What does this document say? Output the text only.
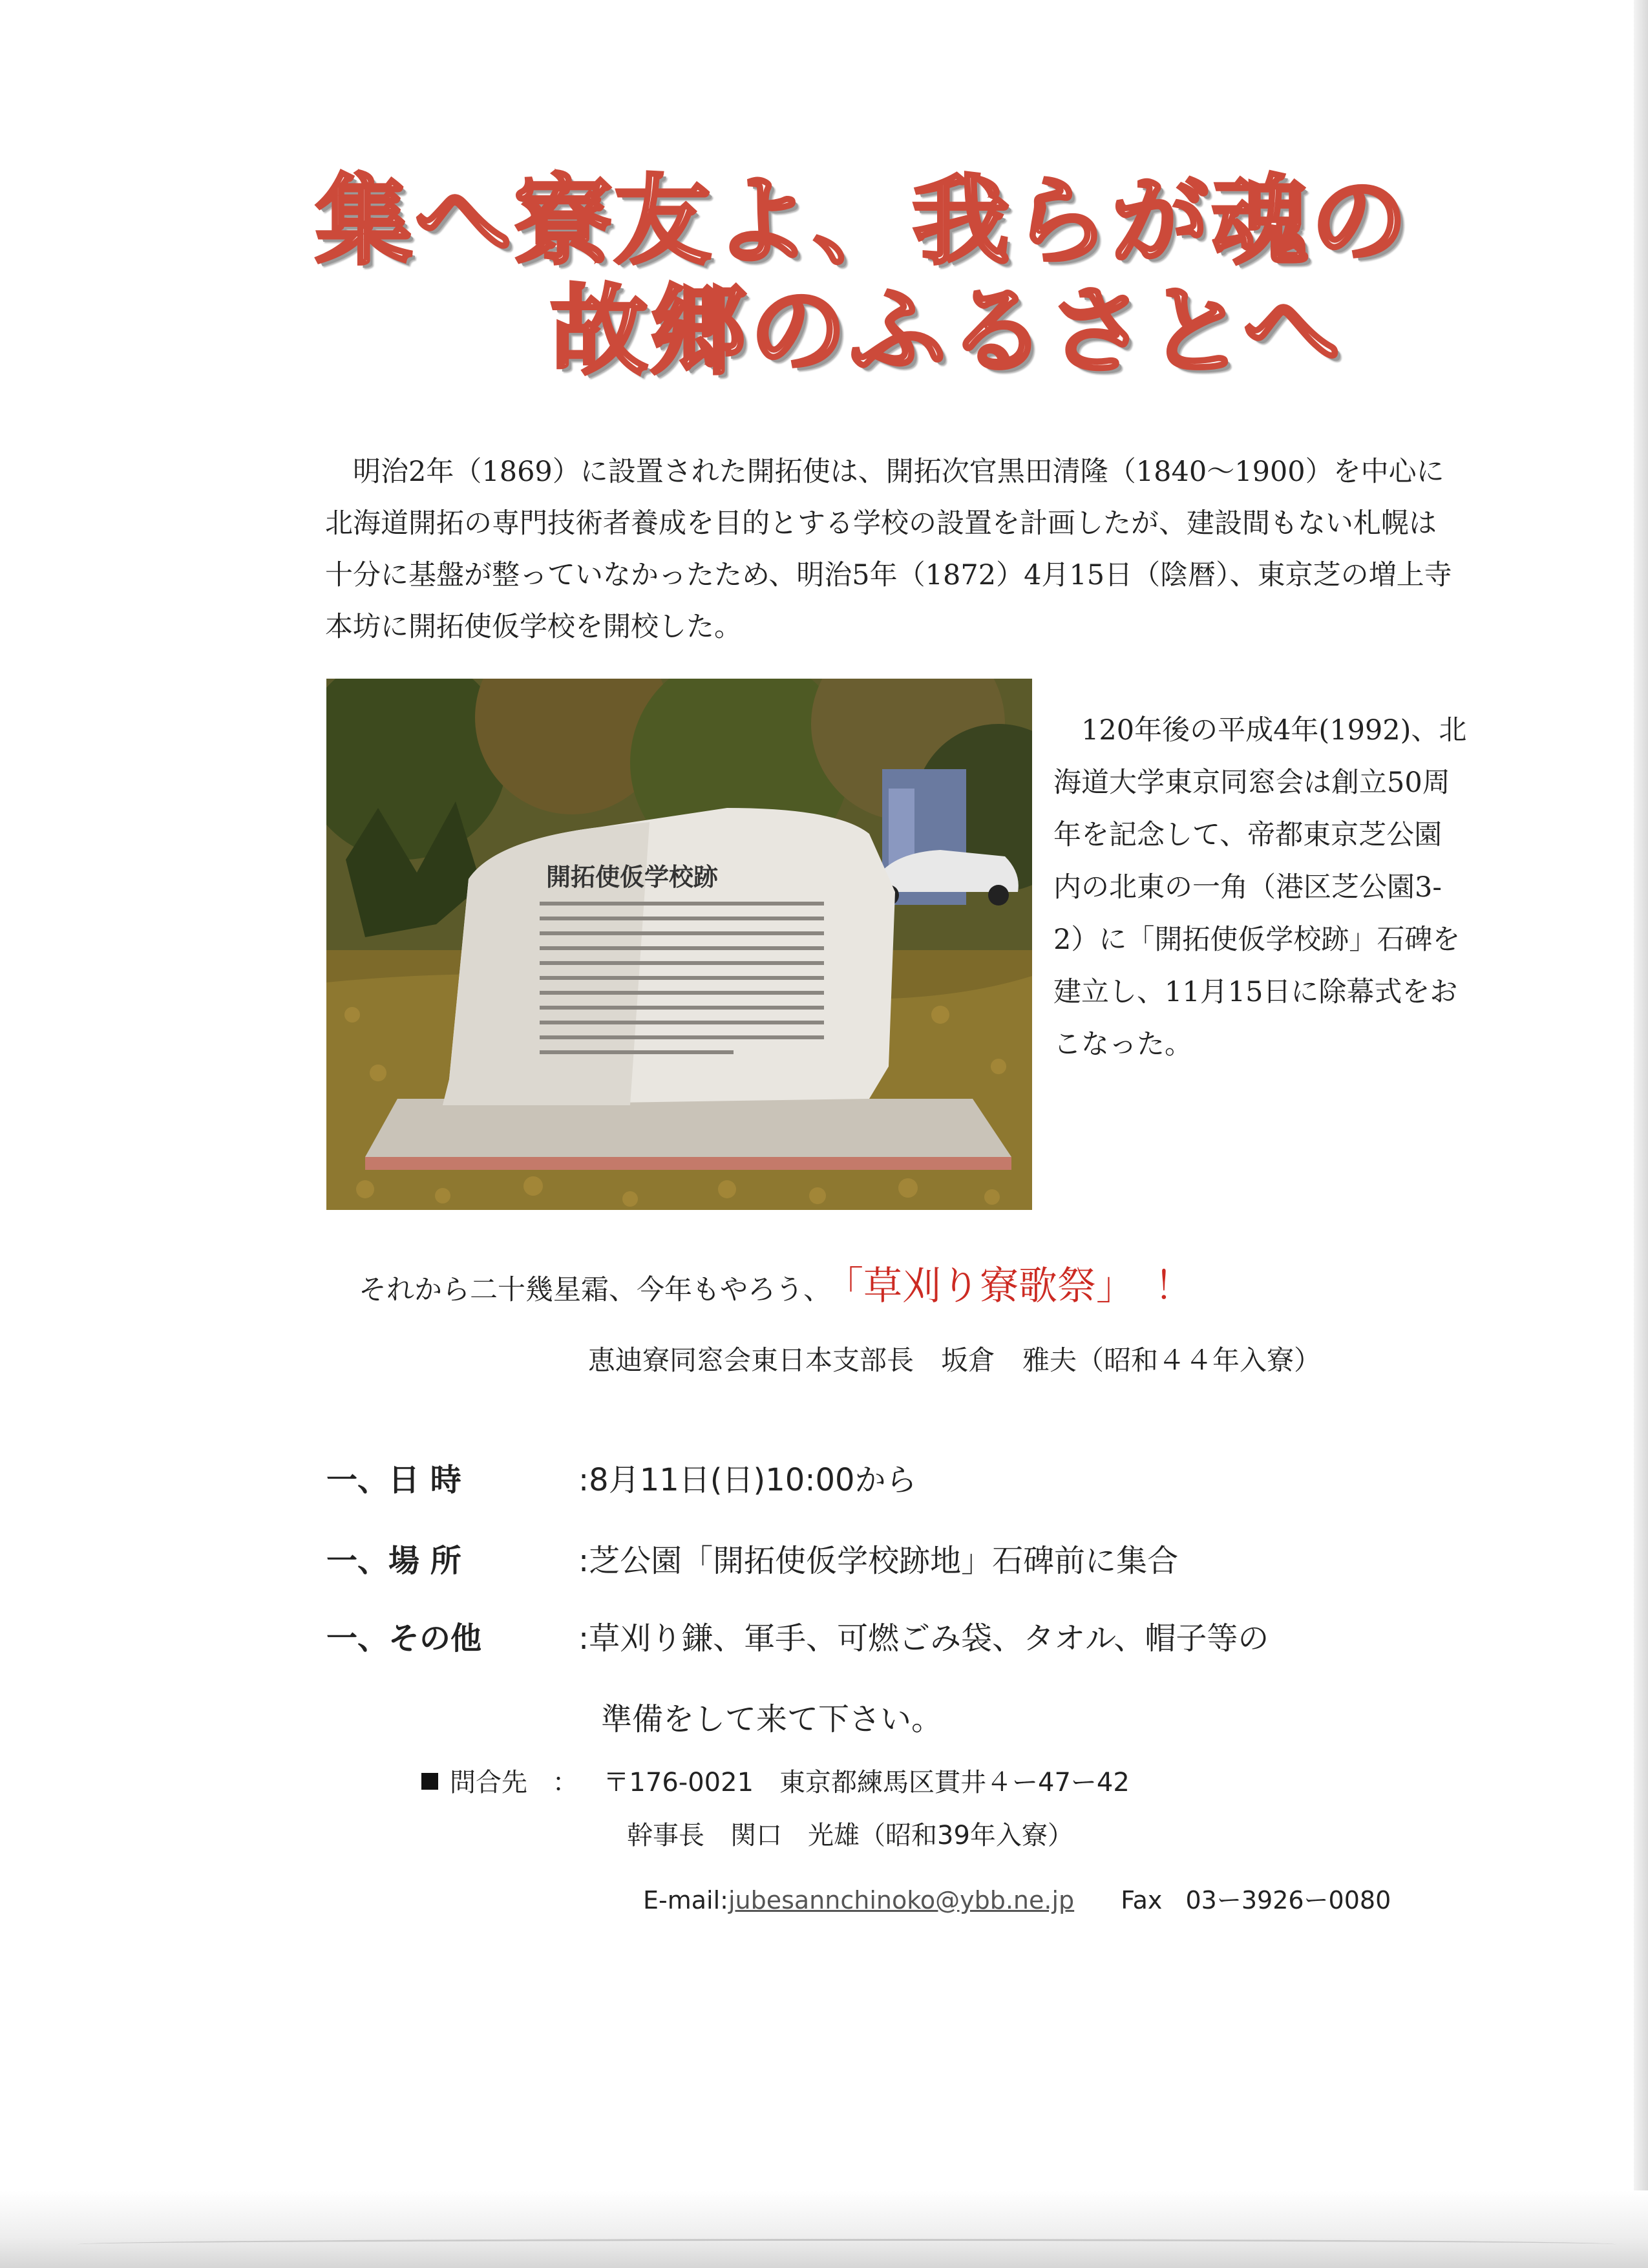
集へ寮友よ、我らが魂の
故郷のふるさとへ

　明治2年（1869）に設置された開拓使は、開拓次官黒田清隆（1840～1900）を中心に北海道開拓の専門技術者養成を目的とする学校の設置を計画したが、建設間もない札幌は十分に基盤が整っていなかったため、明治5年（1872）4月15日（陰暦）、東京芝の増上寺本坊に開拓使仮学校を開校した。

開拓使仮学校跡

　120年後の平成4年(1992)、北海道大学東京同窓会は創立50周年を記念して、帝都東京芝公園内の北東の一角（港区芝公園3-2）に「開拓使仮学校跡」石碑を建立し、11月15日に除幕式をおこなった。

それから二十幾星霜、今年もやろう、 「草刈り寮歌祭」 ！
恵迪寮同窓会東日本支部長　坂倉　雅夫（昭和４４年入寮）
一、日 時	:8月11日(日)10:00から
一、場 所	:芝公園「開拓使仮学校跡地」石碑前に集合
一、その他	:草刈り鎌、軍手、可燃ごみ袋、タオル、帽子等の
準備をして来て下さい。
問合先 ： 〒176-0021　東京都練馬区貫井４ー47ー42
幹事長　関口　光雄（昭和39年入寮）
E-mail:jubesannchinoko@ybb.ne.jp Fax 03ー3926ー0080
